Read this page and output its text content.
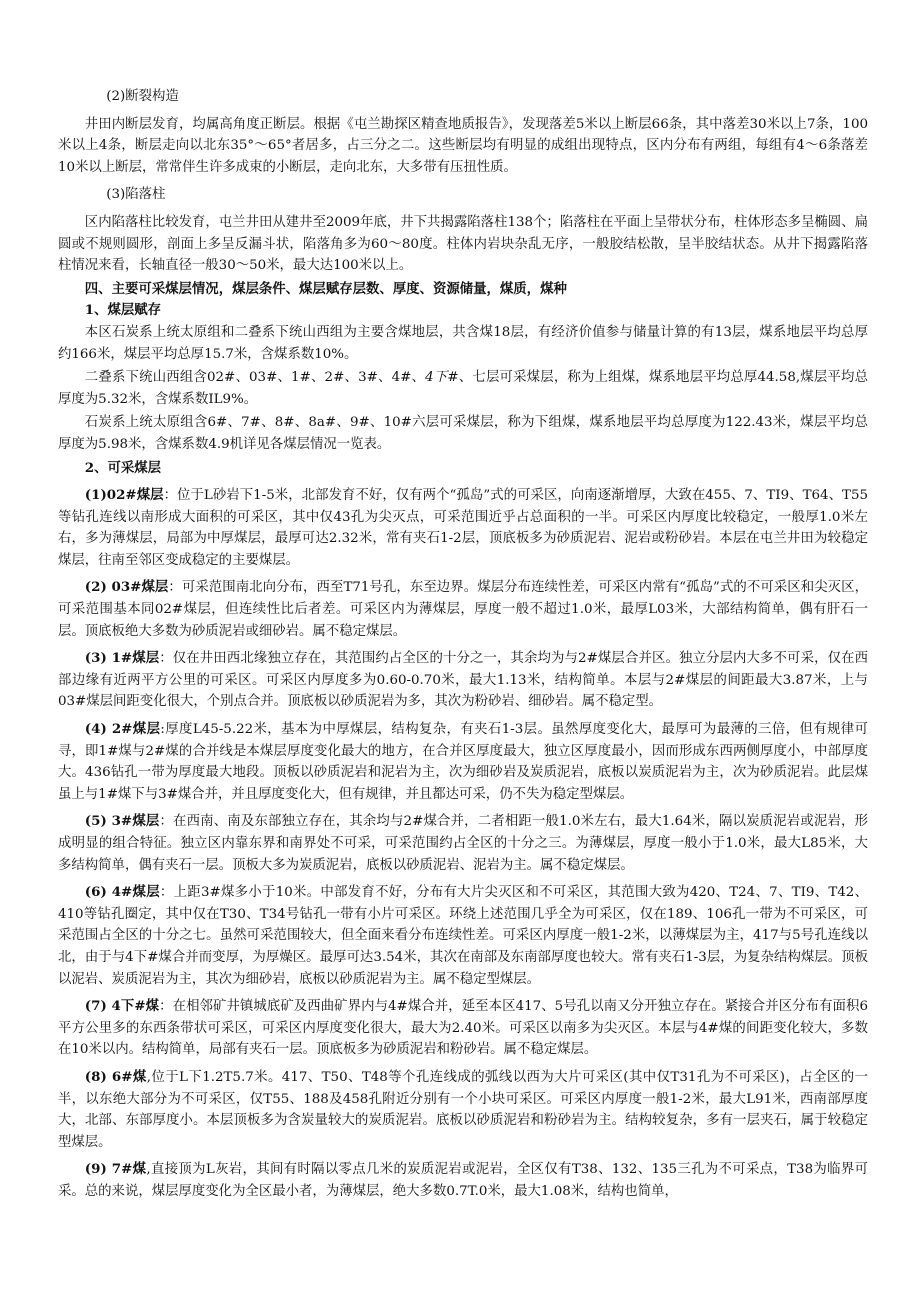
(2)断裂构造

井田内断层发育，均属高角度正断层。根据《屯兰勘探区精查地质报告》，发现落差5米以上断层66条，其中落差30米以上7条，100米以上4条，断层走向以北东35°～65°者居多，占三分之二。这些断层均有明显的成组出现特点，区内分布有两组，每组有4～6条落差10米以上断层，常常伴生许多成束的小断层，走向北东，大多带有压扭性质。

(3)陷落柱

区内陷落柱比较发育，屯兰井田从建井至2009年底，井下共揭露陷落柱138个；陷落柱在平面上呈带状分布，柱体形态多呈椭圆、扁圆或不规则圆形，剖面上多呈反漏斗状，陷落角多为60～80度。柱体内岩块杂乱无序，一般胶结松散，呈半胶结状态。从井下揭露陷落柱情况来看，长轴直径一般30～50米，最大达100米以上。

四、主要可采煤层情况，煤层条件、煤层赋存层数、厚度、资源储量，煤质，煤种

1、煤层赋存

本区石炭系上统太原组和二叠系下统山西组为主要含煤地层，共含煤18层，有经济价值参与储量计算的有13层，煤系地层平均总厚约166米，煤层平均总厚15.7米，含煤系数10%。

二叠系下统山西组含02#、03#、1#、2#、3#、4#、4下#、七层可采煤层，称为上组煤，煤系地层平均总厚44.58,煤层平均总厚度为5.32米，含煤系数IL9%。

石炭系上统太原组含6#、7#、8#、8a#、9#、10#六层可采煤层，称为下组煤，煤系地层平均总厚度为122.43米，煤层平均总厚度为5.98米，含煤系数4.9机详见各煤层情况一览表。

2、可采煤层

(1)02#煤层：位于L砂岩下1-5米，北部发育不好，仅有两个“孤岛”式的可采区，向南逐渐增厚，大致在455、7、TI9、T64、T55等钻孔连线以南形成大面积的可采区，其中仅43孔为尖灭点，可采范围近乎占总面积的一半。可采区内厚度比较稳定，一般厚1.0米左右，多为薄煤层，局部为中厚煤层，最厚可达2.32米，常有夹石1-2层，顶底板多为砂质泥岩、泥岩或粉砂岩。本层在屯兰井田为较稳定煤层，往南至邻区变成稳定的主要煤层。

(2) 03#煤层：可采范围南北向分布，西至T71号孔，东至边界。煤层分布连续性差，可采区内常有“孤岛”式的不可采区和尖灭区，可采范围基本同02#煤层，但连续性比后者差。可采区内为薄煤层，厚度一般不超过1.0米，最厚L03米，大部结构简单，偶有肝石一层。顶底板绝大多数为砂质泥岩或细砂岩。属不稳定煤层。

(3) 1#煤层：仅在井田西北缘独立存在，其范围约占全区的十分之一，其余均为与2#煤层合并区。独立分层内大多不可采，仅在西部边缘有近两平方公里的可采区。可采区内厚度多为0.60-0.70米，最大1.13米，结构简单。本层与2#煤层的间距最大3.87米，上与03#煤层间距变化很大，个别点合并。顶底板以砂质泥岩为多，其次为粉砂岩、细砂岩。属不稳定型。

(4) 2#煤层:厚度L45-5.22米，基本为中厚煤层，结构复杂，有夹石1-3层。虽然厚度变化大，最厚可为最薄的三倍，但有规律可寻，即1#煤与2#煤的合并线是本煤层厚度变化最大的地方，在合并区厚度最大，独立区厚度最小，因而形成东西两侧厚度小，中部厚度大。436钻孔一带为厚度最大地段。顶板以砂质泥岩和泥岩为主，次为细砂岩及炭质泥岩，底板以炭质泥岩为主，次为砂质泥岩。此层煤虽上与1#煤下与3#煤合并，并且厚度变化大，但有规律，并且都达可采，仍不失为稳定型煤层。

(5) 3#煤层：在西南、南及东部独立存在，其余均与2#煤合并，二者相距一般1.0米左右，最大1.64米，隔以炭质泥岩或泥岩，形成明显的组合特征。独立区内靠东界和南界处不可采，可采范围约占全区的十分之三。为薄煤层，厚度一般小于1.0米，最大L85米，大多结构简单，偶有夹石一层。顶板大多为炭质泥岩，底板以砂质泥岩、泥岩为主。属不稳定煤层。

(6) 4#煤层：上距3#煤多小于10米。中部发育不好，分布有大片尖灭区和不可采区，其范围大致为420、T24、7、TI9、T42、410等钻孔圈定，其中仅在T30、T34号钻孔一带有小片可采区。环绕上述范围几乎全为可采区，仅在189、106孔一带为不可采区，可采范围占全区的十分之七。虽然可采范围较大，但全面来看分布连续性差。可采区内厚度一般1-2米，以薄煤层为主，417与5号孔连线以北，由于与4下#煤合并而变厚，为厚燥区。最厚可达3.54米，其次在南部及东南部厚度也较大。常有夹石1-3层，为复杂结构煤层。顶板以泥岩、炭质泥岩为主，其次为细砂岩，底板以砂质泥岩为主。属不稳定型煤层。

(7) 4下#煤：在相邻矿井镇城底矿及西曲矿界内与4#煤合并，延至本区417、5号孔以南又分开独立存在。紧接合并区分布有面积6平方公里多的东西条带状可采区，可采区内厚度变化很大，最大为2.40米。可采区以南多为尖灭区。本层与4#煤的间距变化较大，多数在10米以内。结构简单，局部有夹石一层。顶底板多为砂质泥岩和粉砂岩。属不稳定煤层。

(8) 6#煤,位于L下1.2T5.7米。417、T50、T48等个孔连线成的弧线以西为大片可采区(其中仅T31孔为不可采区)，占全区的一半，以东绝大部分为不可采区，仅T55、188及458孔附近分别有一个小块可采区。可采区内厚度一般1-2米，最大L91米，西南部厚度大，北部、东部厚度小。本层顶板多为含炭量较大的炭质泥岩。底板以砂质泥岩和粉砂岩为主。结构较复杂，多有一层夹石，属于较稳定型煤层。

(9) 7#煤,直接顶为L灰岩，其间有时隔以零点几米的炭质泥岩或泥岩，全区仅有T38、132、135三孔为不可采点，T38为临界可采。总的来说，煤层厚度变化为全区最小者，为薄煤层，绝大多数0.7T.0米，最大1.08米，结构也简单，
